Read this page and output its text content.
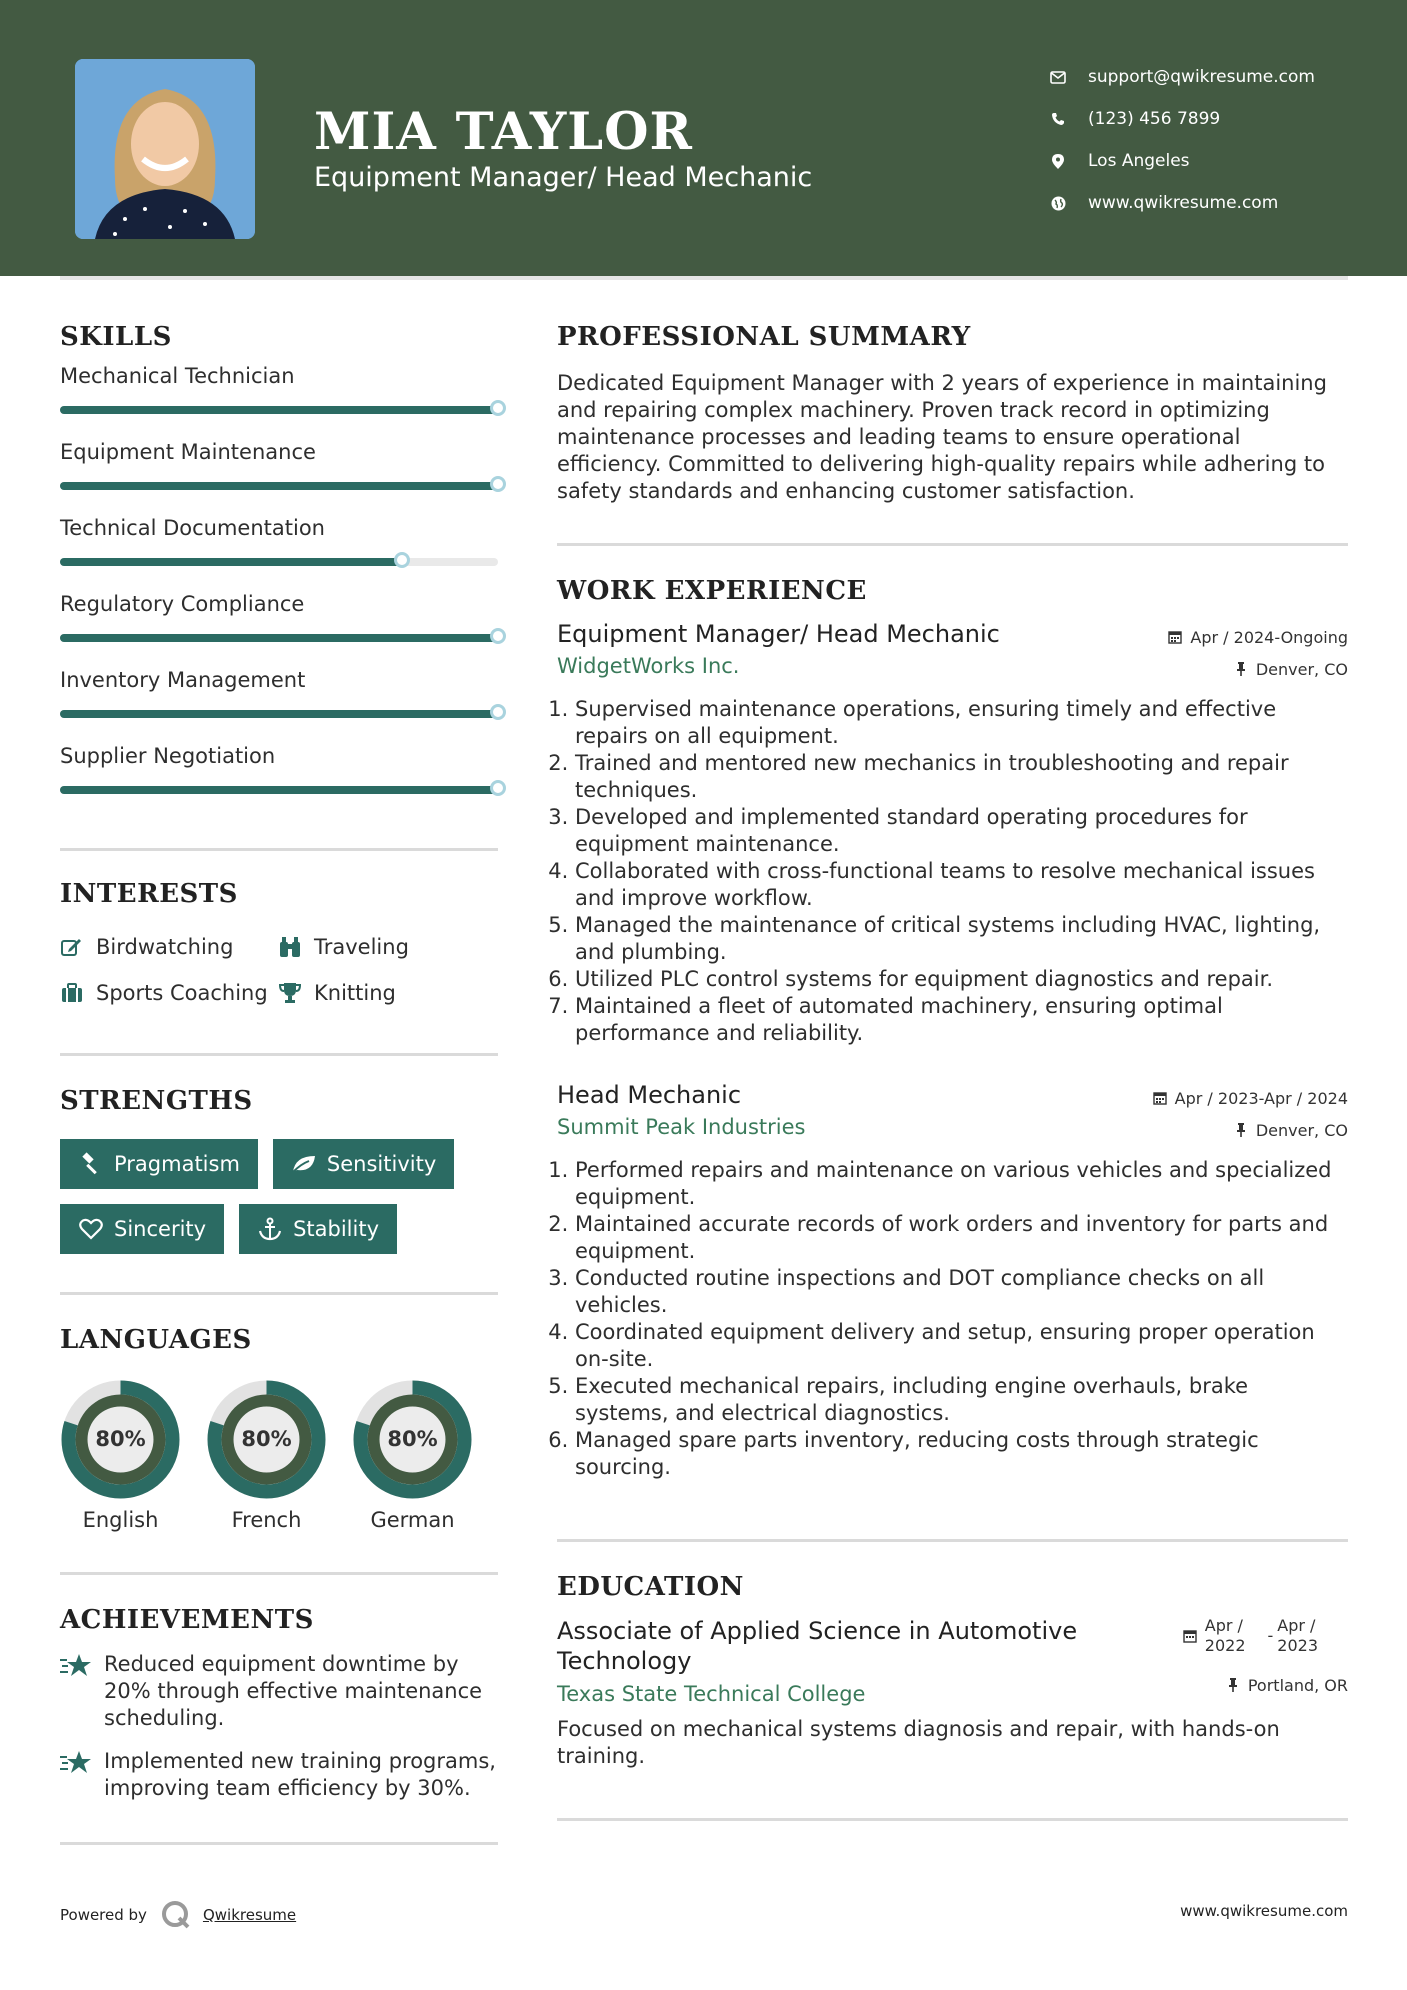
MIA TAYLOR
Equipment Manager/ Head Mechanic
support@qwikresume.com
(123) 456 7899
Los Angeles
www.qwikresume.com
SKILLS
Mechanical Technician
Equipment Maintenance
Technical Documentation
Regulatory Compliance
Inventory Management
Supplier Negotiation
INTERESTS
Birdwatching	Traveling
Sports Coaching Knitting
STRENGTHS
Pragmatism	Sensitivity
Sincerity	Stability
LANGUAGES
80%
English
80%
French
80%
German
ACHIEVEMENTS
Reduced equipment downtime by 20% through effective maintenance scheduling.
Implemented new training programs, improving team efficiency by 30%.
PROFESSIONAL SUMMARY
Dedicated Equipment Manager with 2 years of experience in maintaining and repairing complex machinery. Proven track record in optimizing maintenance processes and leading teams to ensure operational efficiency. Committed to delivering high-quality repairs while adhering to safety standards and enhancing customer satisfaction.
WORK EXPERIENCE
Equipment Manager/ Head Mechanic
WidgetWorks Inc.
Apr / 2024-Ongoing
Denver, CO
1. Supervised maintenance operations, ensuring timely and effective repairs on all equipment.
2. Trained and mentored new mechanics in troubleshooting and repair techniques.
3. Developed and implemented standard operating procedures for equipment maintenance.
4. Collaborated with cross-functional teams to resolve mechanical issues and improve workflow.
5. Managed the maintenance of critical systems including HVAC, lighting, and plumbing.
6. Utilized PLC control systems for equipment diagnostics and repair.
7. Maintained a fleet of automated machinery, ensuring optimal performance and reliability.
Head Mechanic
Summit Peak Industries
Apr / 2023-Apr / 2024
Denver, CO
1. Performed repairs and maintenance on various vehicles and specialized equipment.
2. Maintained accurate records of work orders and inventory for parts and equipment.
3. Conducted routine inspections and DOT compliance checks on all vehicles.
4. Coordinated equipment delivery and setup, ensuring proper operation on-site.
5. Executed mechanical repairs, including engine overhauls, brake systems, and electrical diagnostics.
6. Managed spare parts inventory, reducing costs through strategic sourcing.
EDUCATION
Associate of Applied Science in Automotive Technology
Texas State Technical College
Apr /
2022
-
Apr /
2023
Portland, OR
Focused on mechanical systems diagnosis and repair, with hands-on training.
Powered by	Qwikresume	www.qwikresume.com
